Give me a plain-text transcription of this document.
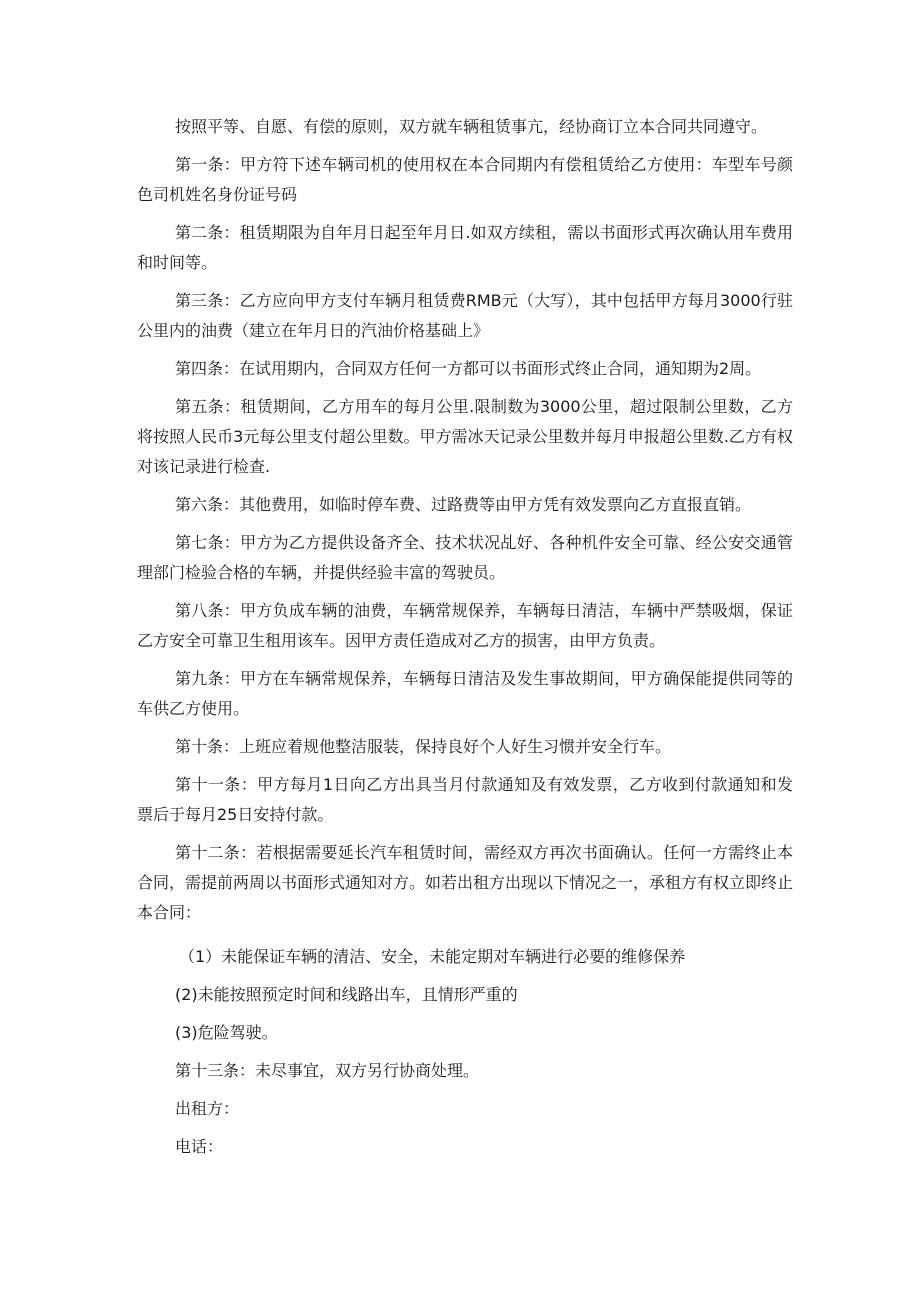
按照平等、自愿、有偿的原则，双方就车辆租赁事亢，经协商订立本合同共同遵守。

第一条：甲方符下述车辆司机的使用权在本合同期内有偿租赁给乙方使用：车型车号颜色司机姓名身份证号码

第二条：租赁期限为自年月日起至年月日.如双方续租，需以书面形式再次确认用车费用和时间等。

第三条：乙方应向甲方支付车辆月租赁费RMB元（大写），其中包括甲方每月3000行驻公里内的油费（建立在年月日的汽油价格基础上》

第四条：在试用期内，合同双方任何一方都可以书面形式终止合同，通知期为2周。

第五条：租赁期间，乙方用车的每月公里.限制数为3000公里，超过限制公里数，乙方将按照人民币3元每公里支付超公里数。甲方需冰天记录公里数并每月申报超公里数.乙方有权对该记录进行检查.

第六条：其他费用，如临时停车费、过路费等由甲方凭有效发票向乙方直报直销。

第七条：甲方为乙方提供设备齐全、技术状况乩好、各种机件安全可靠、经公安交通管理部门检验合格的车辆，并提供经验丰富的驾驶员。

第八条：甲方负成车辆的油费，车辆常规保养，车辆每日清洁，车辆中严禁吸烟，保证乙方安全可靠卫生租用该车。因甲方责任造成对乙方的损害，由甲方负责。

第九条：甲方在车辆常规保养，车辆每日清洁及发生事故期间，甲方确保能提供同等的车供乙方使用。

第十条：上班应着规他整洁服装，保持良好个人好生习惯并安全行车。

第十一条：甲方每月1日向乙方出具当月付款通知及有效发票，乙方收到付款通知和发票后于每月25日安持付款。

第十二条：若根据需要延长汽车租赁时间，需经双方再次书面确认。任何一方需终止本合同，需提前两周以书面形式通知对方。如若出租方出现以下情况之一，承租方有权立即终止本合同：

（1）未能保证车辆的清洁、安全，未能定期对车辆进行必要的维修保养

(2)未能按照预定时间和线路出车，且情形严重的

(3)危险驾驶。

第十三条：未尽事宜，双方另行协商处理。

出租方：

电话：
